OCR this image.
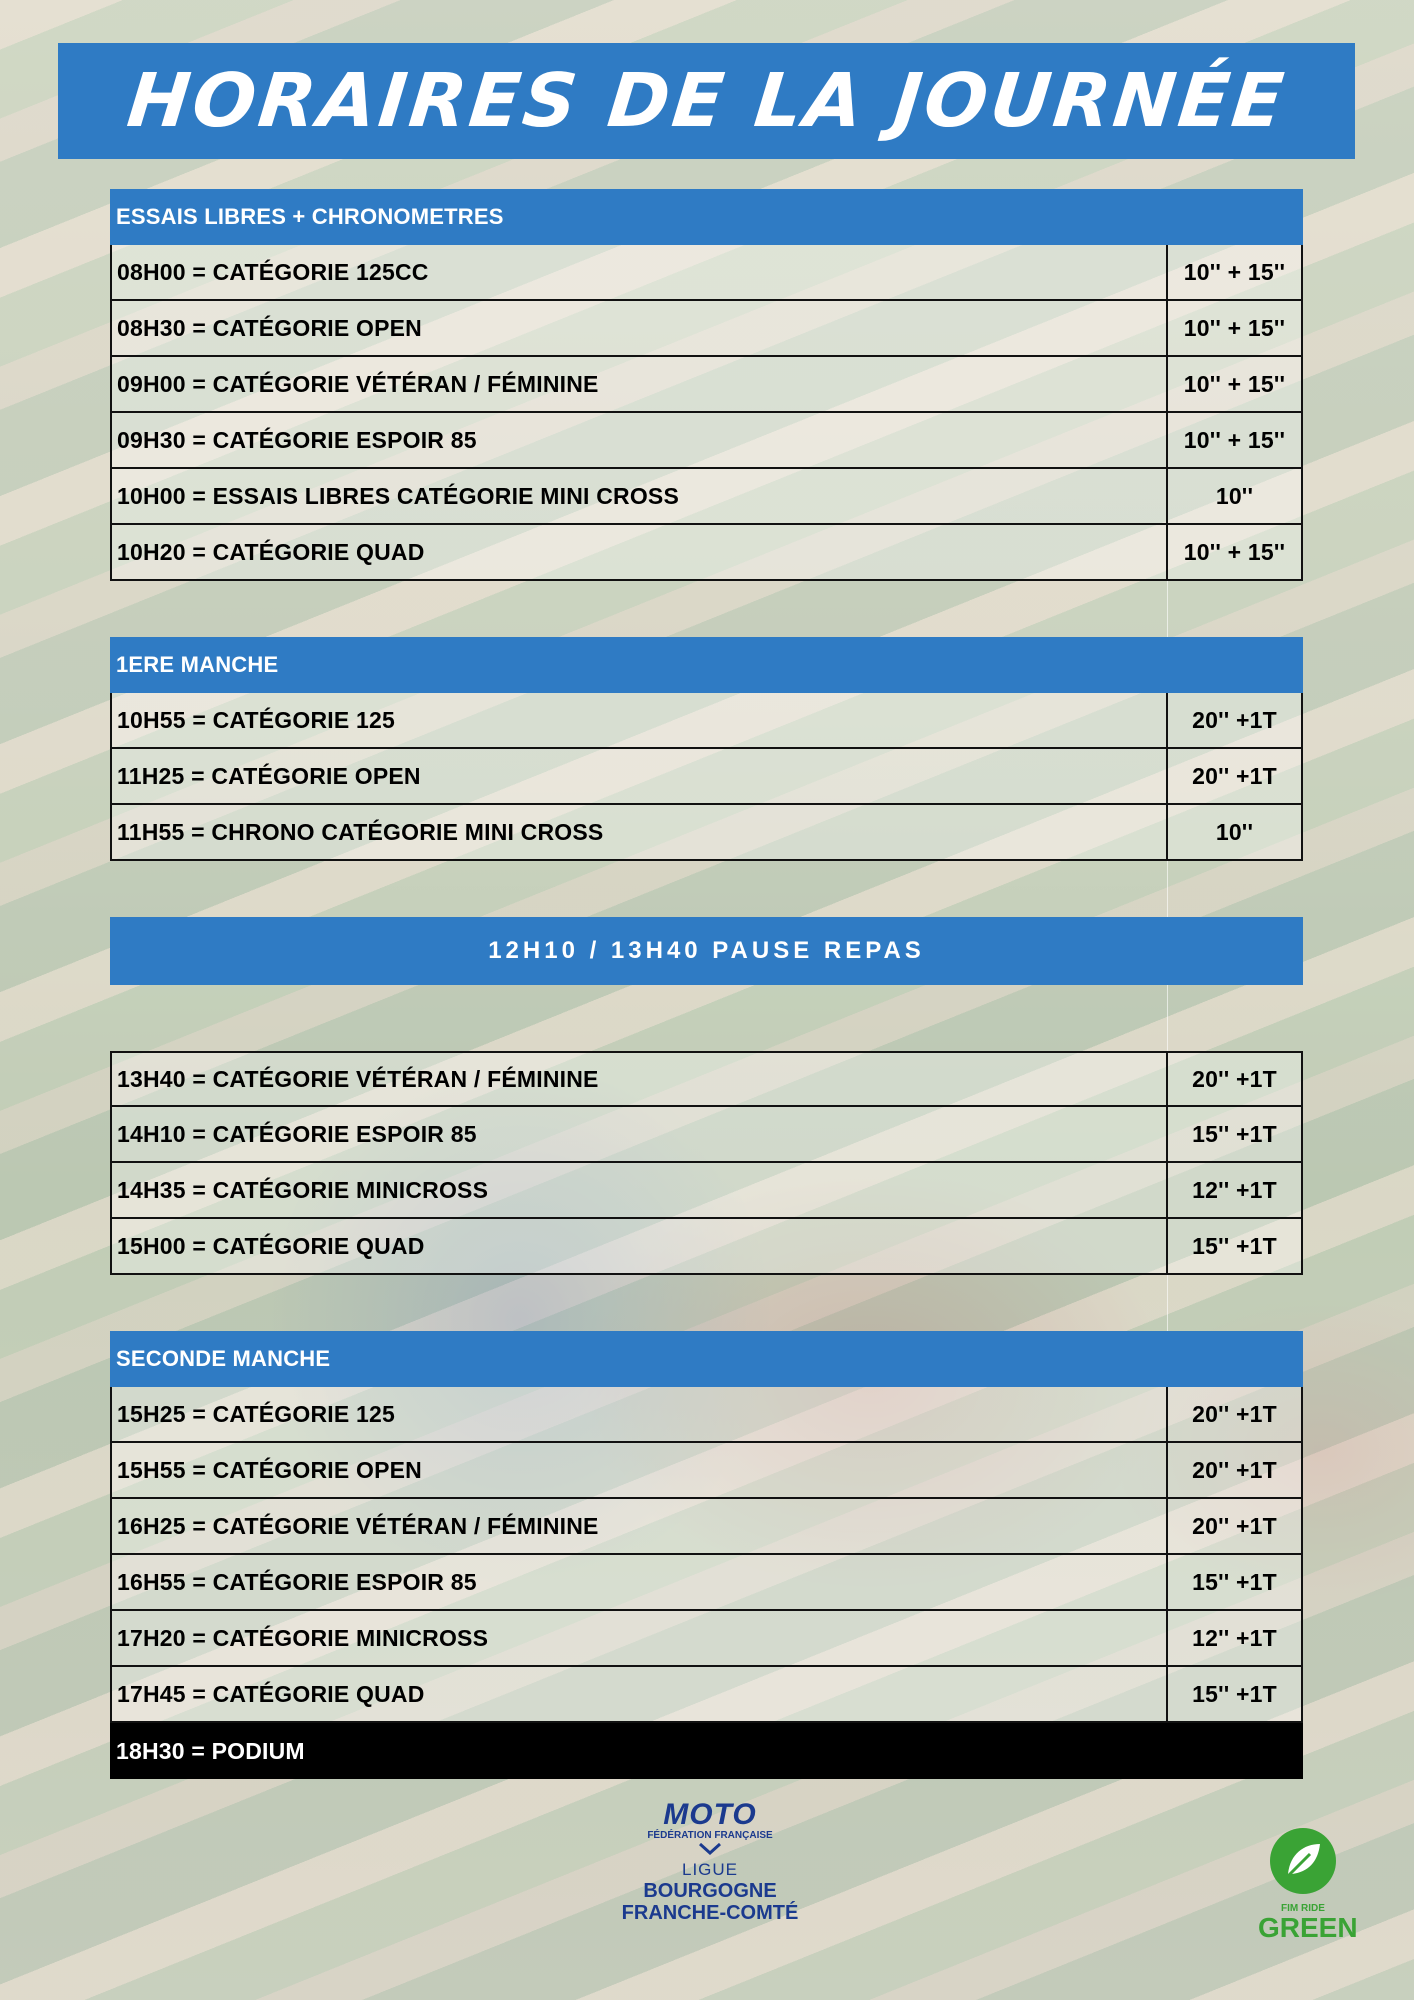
HORAIRES DE LA JOURNÉE
ESSAIS LIBRES + CHRONOMETRES
08H00 = CATÉGORIE 125CC	10'' + 15''
08H30 = CATÉGORIE OPEN	10'' + 15''
09H00 = CATÉGORIE VÉTÉRAN / FÉMININE	10'' + 15''
09H30 = CATÉGORIE ESPOIR 85	10'' + 15''
10H00 = ESSAIS LIBRES CATÉGORIE MINI CROSS	10''
10H20 = CATÉGORIE QUAD	10'' + 15''
1ERE MANCHE
10H55 = CATÉGORIE 125	20'' +1T
11H25 = CATÉGORIE OPEN	20'' +1T
11H55 = CHRONO CATÉGORIE MINI CROSS	10''
12H10 / 13H40 PAUSE REPAS
13H40 = CATÉGORIE VÉTÉRAN / FÉMININE	20'' +1T
14H10 = CATÉGORIE ESPOIR 85	15'' +1T
14H35 = CATÉGORIE MINICROSS	12'' +1T
15H00 = CATÉGORIE QUAD	15'' +1T
SECONDE MANCHE
15H25 = CATÉGORIE 125	20'' +1T
15H55 = CATÉGORIE OPEN	20'' +1T
16H25 = CATÉGORIE VÉTÉRAN / FÉMININE	20'' +1T
16H55 = CATÉGORIE ESPOIR 85	15'' +1T
17H20 = CATÉGORIE MINICROSS	12'' +1T
17H45 = CATÉGORIE QUAD	15'' +1T
18H30 = PODIUM
MOTO
FÉDÉRATION FRANÇAISE
LIGUE
BOURGOGNE
FRANCHE-COMTÉ	FIM RIDE
GREEN
